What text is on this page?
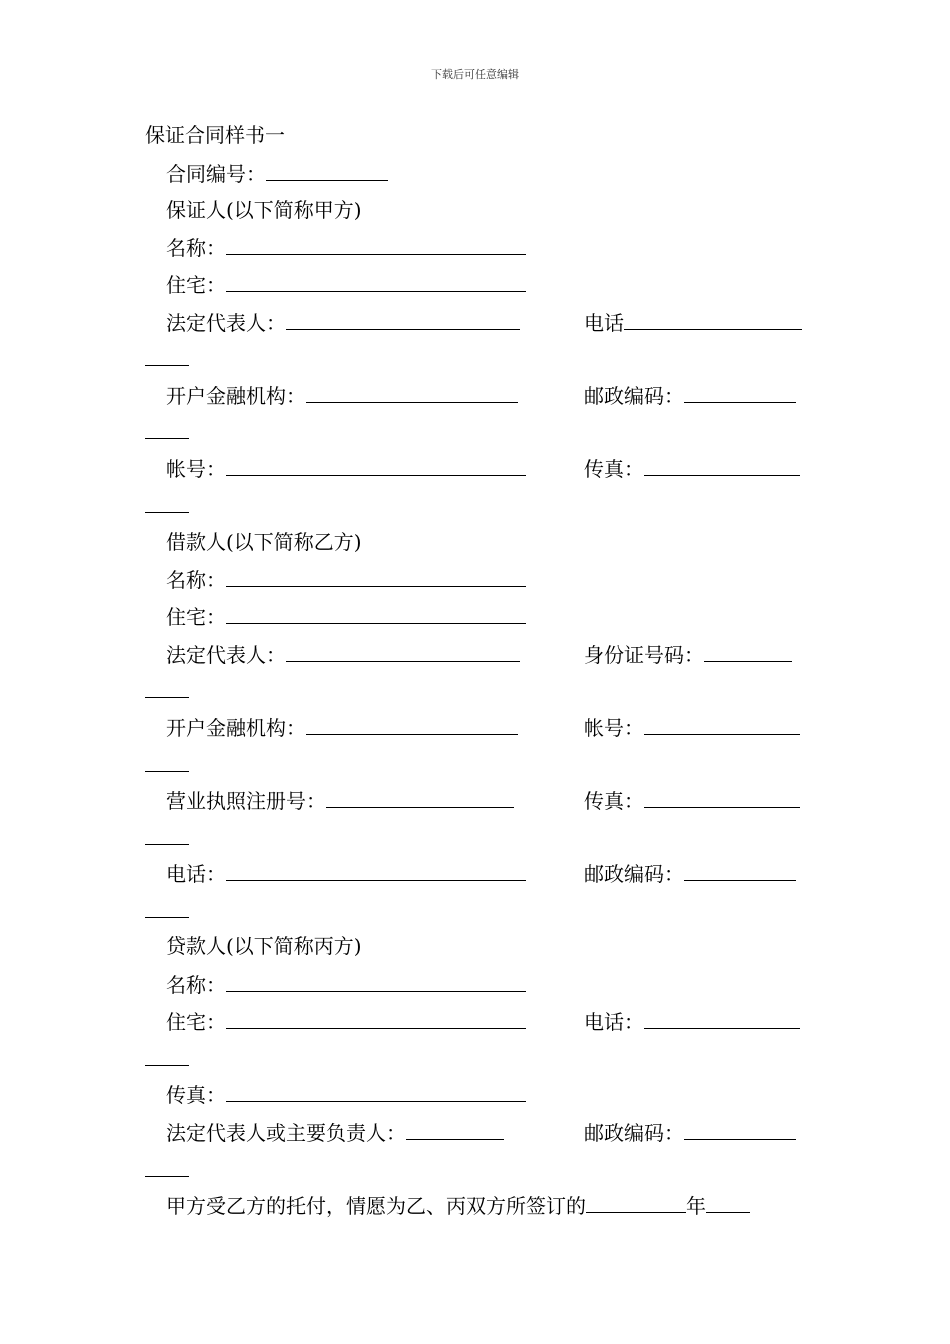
下载后可任意编辑
保证合同样书一
合同编号：
保证人(以下简称甲方)
名称：
住宅：
法定代表人：	电话
开户金融机构：	邮政编码：
帐号：	传真：
借款人(以下简称乙方)
名称：
住宅：
法定代表人：	身份证号码：
开户金融机构：	帐号：
营业执照注册号：	传真：
电话：	邮政编码：
贷款人(以下简称丙方)
名称：
住宅：	电话：
传真：
法定代表人或主要负责人：	邮政编码：
甲方受乙方的托付，情愿为乙、丙双方所签订的	年
